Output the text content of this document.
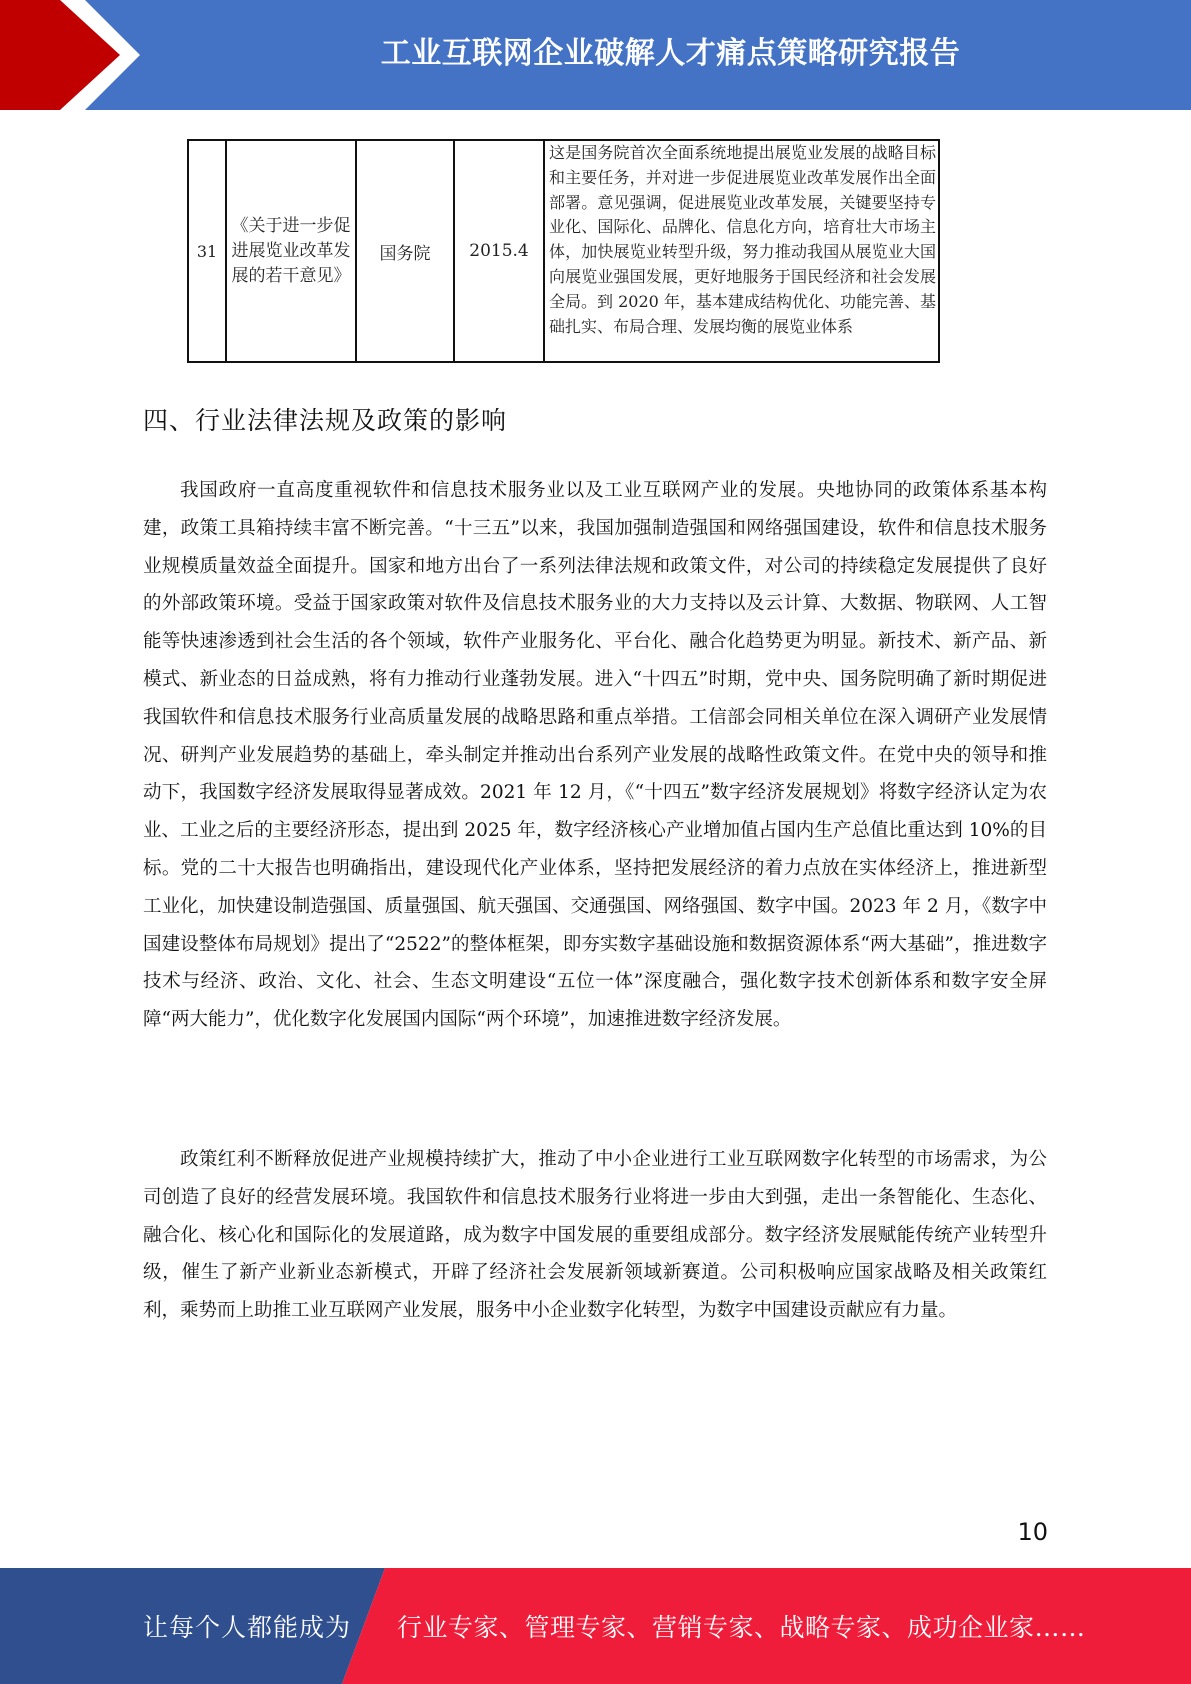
工业互联网企业破解人才痛点策略研究报告
31	《关于进一步促进展览业改革发展的若干意见》	国务院	2015.4	这是国务院首次全面系统地提出展览业发展的战略目标和主要任务，并对进一步促进展览业改革发展作出全面部署。意见强调，促进展览业改革发展，关键要坚持专业化、国际化、品牌化、信息化方向，培育壮大市场主体，加快展览业转型升级，努力推动我国从展览业大国向展览业强国发展，更好地服务于国民经济和社会发展全局。到 2020 年，基本建成结构优化、功能完善、基础扎实、布局合理、发展均衡的展览业体系
四、行业法律法规及政策的影响

我国政府一直高度重视软件和信息技术服务业以及工业互联网产业的发展。央地协同的政策体系基本构建，政策工具箱持续丰富不断完善。“十三五”以来，我国加强制造强国和网络强国建设，软件和信息技术服务业规模质量效益全面提升。国家和地方出台了一系列法律法规和政策文件，对公司的持续稳定发展提供了良好的外部政策环境。受益于国家政策对软件及信息技术服务业的大力支持以及云计算、大数据、物联网、人工智能等快速渗透到社会生活的各个领域，软件产业服务化、平台化、融合化趋势更为明显。新技术、新产品、新模式、新业态的日益成熟，将有力推动行业蓬勃发展。进入“十四五”时期，党中央、国务院明确了新时期促进我国软件和信息技术服务行业高质量发展的战略思路和重点举措。工信部会同相关单位在深入调研产业发展情况、研判产业发展趋势的基础上，牵头制定并推动出台系列产业发展的战略性政策文件。在党中央的领导和推动下，我国数字经济发展取得显著成效。2021 年 12 月，《“十四五”数字经济发展规划》将数字经济认定为农业、工业之后的主要经济形态，提出到 2025 年，数字经济核心产业增加值占国内生产总值比重达到 10%的目标。党的二十大报告也明确指出，建设现代化产业体系，坚持把发展经济的着力点放在实体经济上，推进新型工业化，加快建设制造强国、质量强国、航天强国、交通强国、网络强国、数字中国。2023 年 2 月，《数字中国建设整体布局规划》提出了“2522”的整体框架，即夯实数字基础设施和数据资源体系“两大基础”，推进数字技术与经济、政治、文化、社会、生态文明建设“五位一体”深度融合，强化数字技术创新体系和数字安全屏障“两大能力”，优化数字化发展国内国际“两个环境”，加速推进数字经济发展。

政策红利不断释放促进产业规模持续扩大，推动了中小企业进行工业互联网数字化转型的市场需求，为公司创造了良好的经营发展环境。我国软件和信息技术服务行业将进一步由大到强，走出一条智能化、生态化、融合化、核心化和国际化的发展道路，成为数字中国发展的重要组成部分。数字经济发展赋能传统产业转型升级，催生了新产业新业态新模式，开辟了经济社会发展新领域新赛道。公司积极响应国家战略及相关政策红利，乘势而上助推工业互联网产业发展，服务中小企业数字化转型，为数字中国建设贡献应有力量。

10
让每个人都能成为 行业专家、管理专家、营销专家、战略专家、成功企业家……
